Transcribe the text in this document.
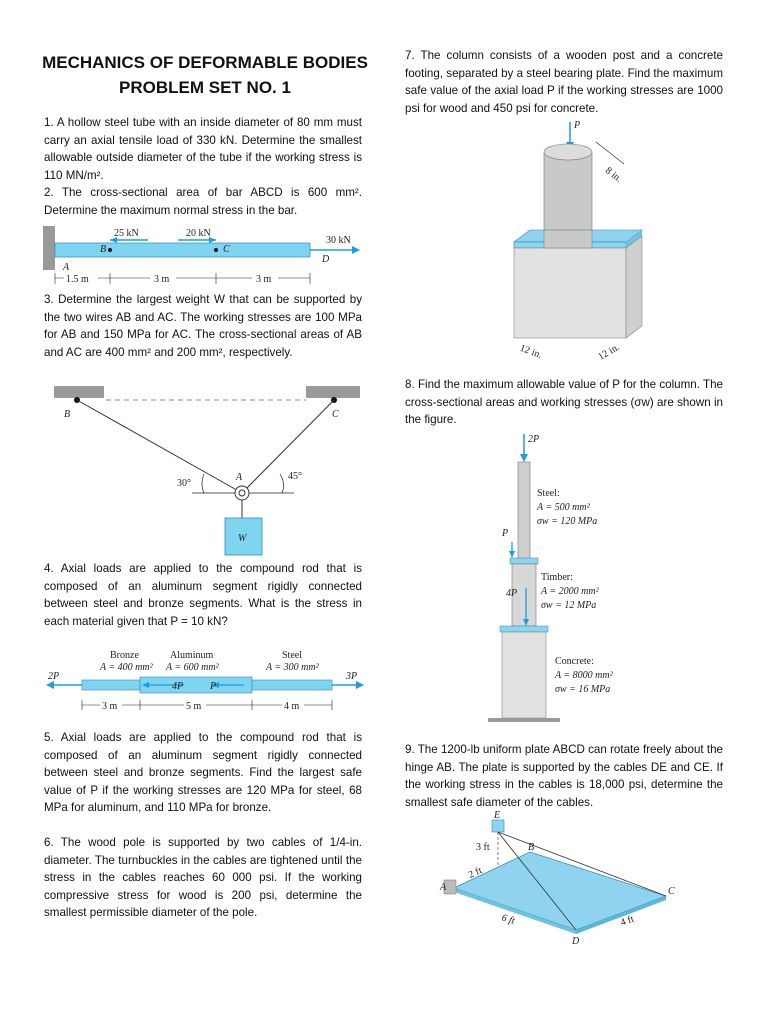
MECHANICS OF DEFORMABLE BODIES
PROBLEM SET NO. 1
1. A hollow steel tube with an inside diameter of 80 mm must carry an axial tensile load of 330 kN. Determine the smallest allowable outside diameter of the tube if the working stress is 110 MN/m².
2. The cross-sectional area of bar ABCD is 600 mm². Determine the maximum normal stress in the bar.
25 kN	20 kN
30 kN
B	C
A
D
1.5 m	3 m	3 m
3. Determine the largest weight W that can be supported by the two wires AB and AC. The working stresses are 100 MPa for AB and 150 MPa for AC. The cross-sectional areas of AB and AC are 400 mm² and 200 mm², respectively.
W
B	C
A
30°
45°
4. Axial loads are applied to the compound rod that is composed of an aluminum segment rigidly connected between steel and bronze segments. What is the stress in each material given that P = 10 kN?
Bronze
A = 400 mm²
Aluminum
A = 600 mm²
Steel
A = 300 mm²
2P
4P	P
3P
3 m	5 m	4 m
5. Axial loads are applied to the compound rod that is composed of an aluminum segment rigidly connected between steel and bronze segments. Find the largest safe value of P if the working stresses are 120 MPa for steel, 68 MPa for aluminum, and 110 MPa for bronze.
6. The wood pole is supported by two cables of 1/4-in. diameter. The turnbuckles in the cables are tightened until the stress in the cables reaches 60 000 psi. If the working compressive stress for wood is 200 psi, determine the smallest permissible diameter of the pole.
7. The column consists of a wooden post and a concrete footing, separated by a steel bearing plate. Find the maximum safe value of the axial load P if the working stresses are 1000 psi for wood and 450 psi for concrete.
P
8 in.
12 in.	12 in.
8. Find the maximum allowable value of P for the column. The cross-sectional areas and working stresses (σw) are shown in the figure.
2P
P
4P
Steel:
A = 500 mm²
σw = 120 MPa
Timber:
A = 2000 mm²
σw = 12 MPa
Concrete:
A = 8000 mm²
σw = 16 MPa
9. The 1200-lb uniform plate ABCD can rotate freely about the hinge AB. The plate is supported by the cables DE and CE. If the working stress in the cables is 18,000 psi, determine the smallest safe diameter of the cables.
E
3 ft
A
B
C
D
2 ft
6 ft	4 ft
